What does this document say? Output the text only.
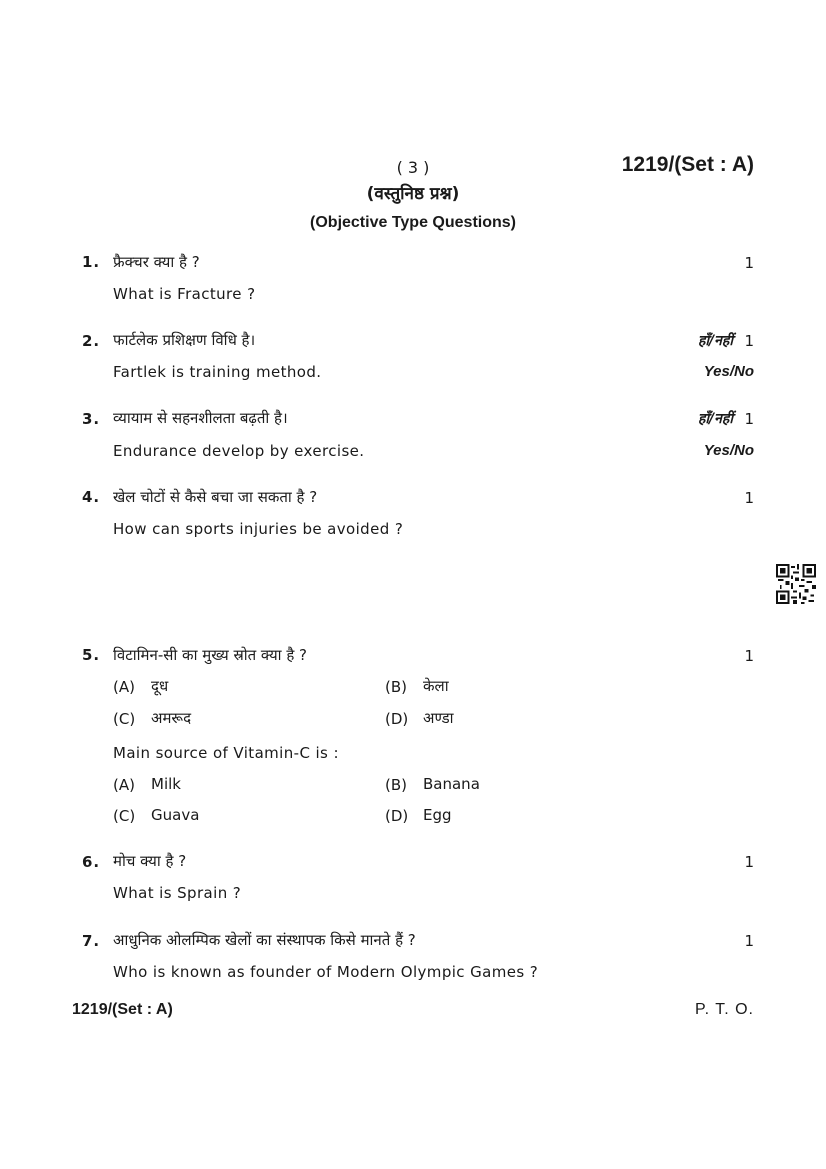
( 3 )	1219/(Set : A)
(वस्तुनिष्ठ प्रश्न)
(Objective Type Questions)
1. फ्रैक्चर क्या है ?	1
What is Fracture ?
2. फार्टलेक प्रशिक्षण विधि है।	हाँ/नहीं 1
Fartlek is training method.	Yes/No
3. व्यायाम से सहनशीलता बढ़ती है।	हाँ/नहीं 1
Endurance develop by exercise.	Yes/No
4. खेल चोटों से कैसे बचा जा सकता है ?	1
How can sports injuries be avoided ?
5. विटामिन-सी का मुख्य स्रोत क्या है ?	1
(A) दूध	(B) केला
(C) अमरूद	(D) अण्डा
Main source of Vitamin-C is :
(A) Milk	(B) Banana
(C) Guava	(D) Egg
6. मोच क्या है ?	1
What is Sprain ?
7. आधुनिक ओलम्पिक खेलों का संस्थापक किसे मानते हैं ?	1
Who is known as founder of Modern Olympic Games ?
1219/(Set : A)	P. T. O.
